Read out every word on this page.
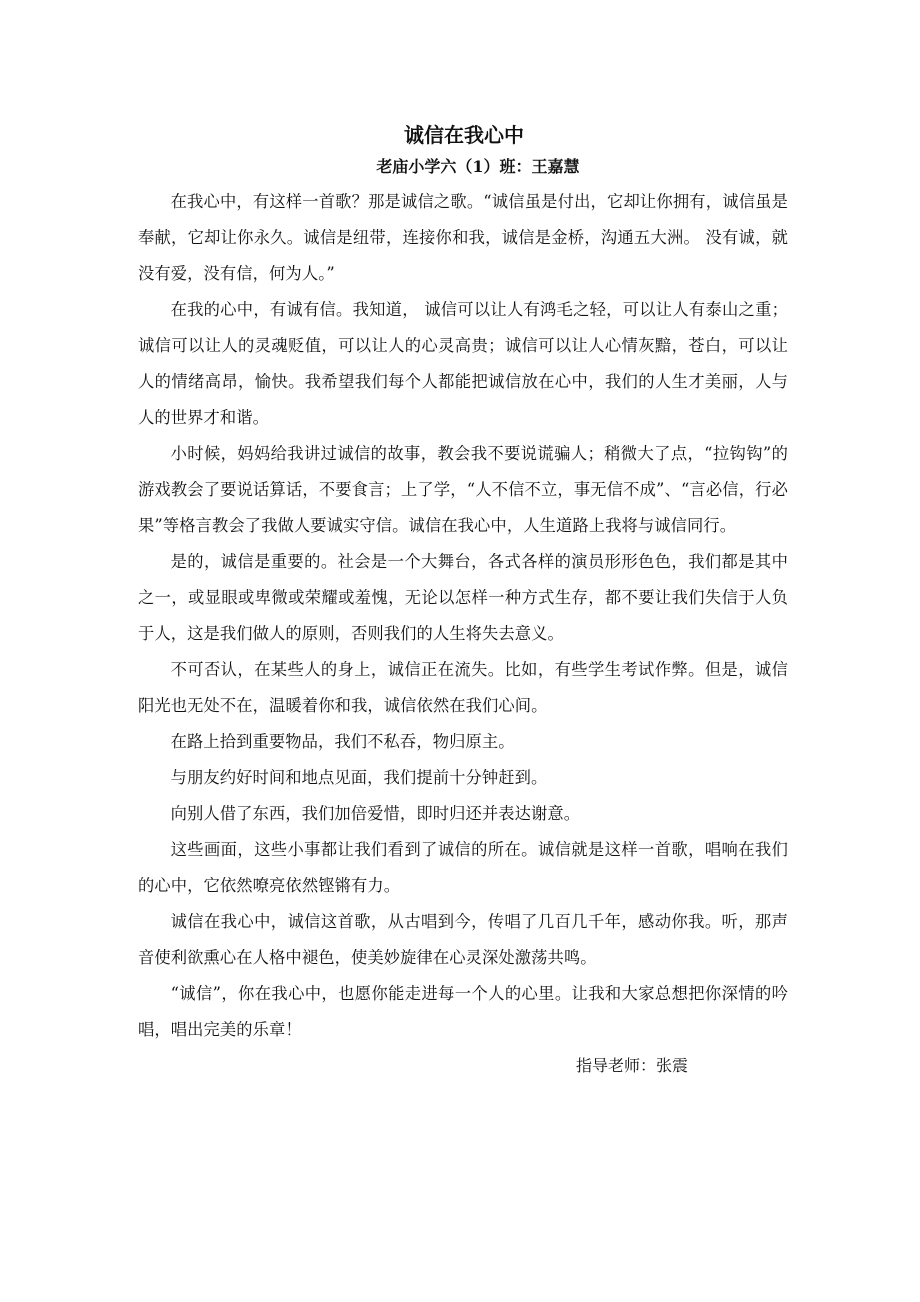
诚信在我心中
老庙小学六（1）班：王嘉慧

在我心中，有这样一首歌？那是诚信之歌。“诚信虽是付出，它却让你拥有，诚信虽是奉献，它却让你永久。诚信是纽带，连接你和我，诚信是金桥，沟通五大洲。 没有诚，就没有爱，没有信，何为人。”

在我的心中，有诚有信。我知道， 诚信可以让人有鸿毛之轻，可以让人有泰山之重；诚信可以让人的灵魂贬值，可以让人的心灵高贵；诚信可以让人心情灰黯，苍白，可以让人的情绪高昂，愉快。我希望我们每个人都能把诚信放在心中，我们的人生才美丽，人与人的世界才和谐。

小时候，妈妈给我讲过诚信的故事，教会我不要说谎骗人；稍微大了点，“拉钩钩”的游戏教会了要说话算话，不要食言；上了学，“人不信不立，事无信不成”、“言必信，行必果”等格言教会了我做人要诚实守信。诚信在我心中，人生道路上我将与诚信同行。

是的，诚信是重要的。社会是一个大舞台，各式各样的演员形形色色，我们都是其中之一，或显眼或卑微或荣耀或羞愧，无论以怎样一种方式生存，都不要让我们失信于人负于人，这是我们做人的原则，否则我们的人生将失去意义。

不可否认，在某些人的身上，诚信正在流失。比如，有些学生考试作弊。但是，诚信阳光也无处不在，温暖着你和我，诚信依然在我们心间。

在路上拾到重要物品，我们不私吞，物归原主。

与朋友约好时间和地点见面，我们提前十分钟赶到。

向别人借了东西，我们加倍爱惜，即时归还并表达谢意。

这些画面，这些小事都让我们看到了诚信的所在。诚信就是这样一首歌，唱响在我们的心中，它依然嘹亮依然铿锵有力。

诚信在我心中，诚信这首歌，从古唱到今，传唱了几百几千年，感动你我。听，那声音使利欲熏心在人格中褪色，使美妙旋律在心灵深处激荡共鸣。

“诚信”，你在我心中，也愿你能走进每一个人的心里。让我和大家总想把你深情的吟唱，唱出完美的乐章！

指导老师：张震
